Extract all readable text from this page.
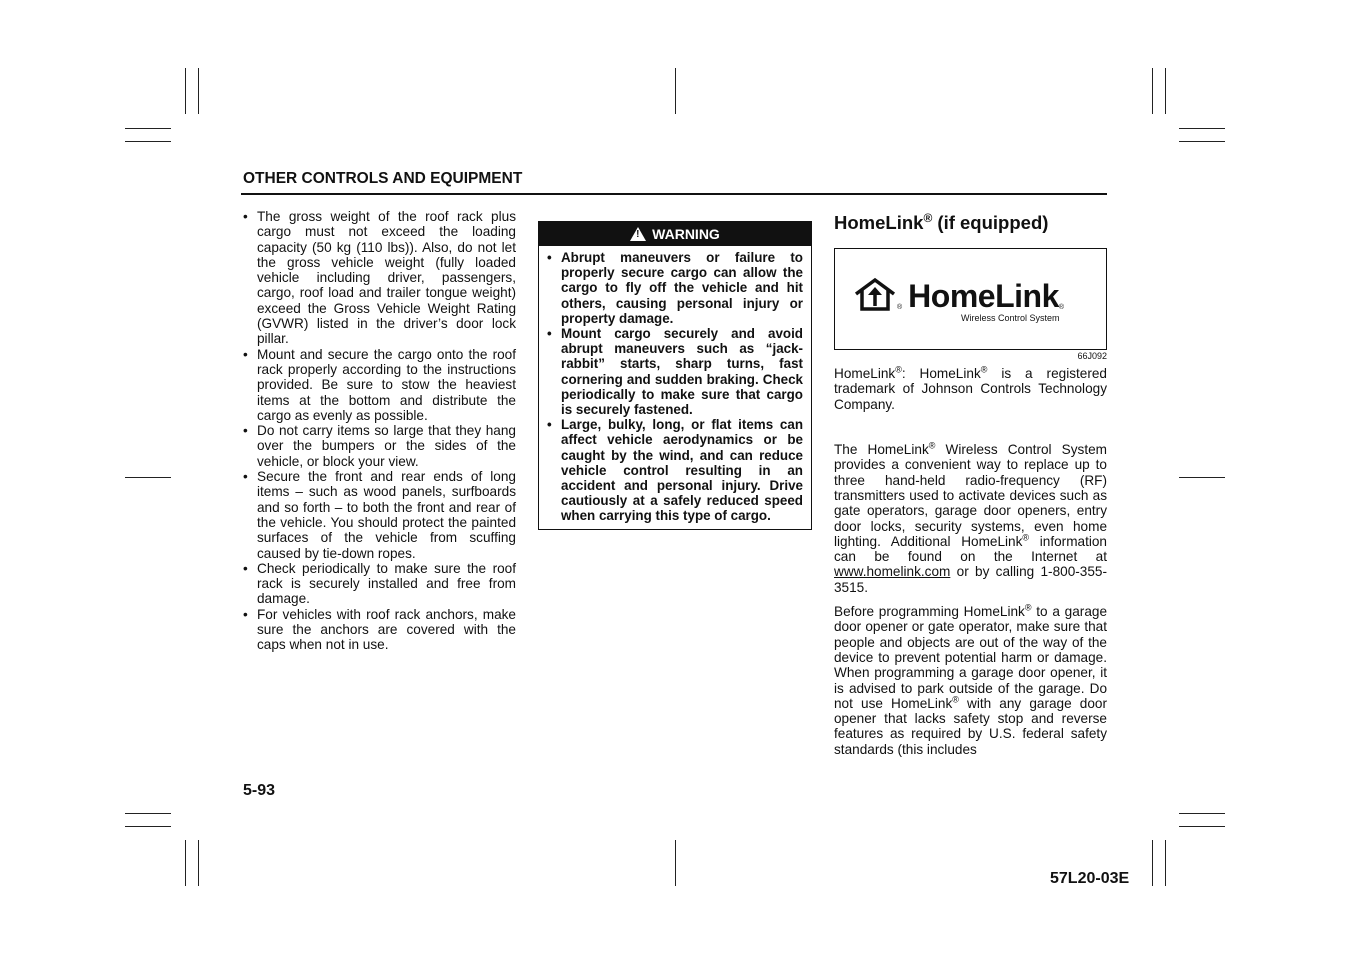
OTHER CONTROLS AND EQUIPMENT
• The gross weight of the roof rack plus cargo must not exceed the loading capacity (50 kg (110 lbs)). Also, do not let the gross vehicle weight (fully loaded vehicle including driver, passengers, cargo, roof load and trailer tongue weight) exceed the Gross Vehicle Weight Rating (GVWR) listed in the driver’s door lock pillar.
• Mount and secure the cargo onto the roof rack properly according to the instructions provided. Be sure to stow the heaviest items at the bottom and distribute the cargo as evenly as possible.
• Do not carry items so large that they hang over the bumpers or the sides of the vehicle, or block your view.
• Secure the front and rear ends of long items – such as wood panels, surfboards and so forth – to both the front and rear of the vehicle. You should protect the painted surfaces of the vehicle from scuffing caused by tie-down ropes.
• Check periodically to make sure the roof rack is securely installed and free from damage.
• For vehicles with roof rack anchors, make sure the anchors are covered with the caps when not in use.
! WARNING
• Abrupt maneuvers or failure to properly secure cargo can allow the cargo to fly off the vehicle and hit others, causing personal injury or property damage.
• Mount cargo securely and avoid abrupt maneuvers such as “jack-rabbit” starts, sharp turns, fast cornering and sudden braking. Check periodically to make sure that cargo is securely fastened.
• Large, bulky, long, or flat items can affect vehicle aerodynamics or be caught by the wind, and can reduce vehicle control resulting in an accident and personal injury. Drive cautiously at a safely reduced speed when carrying this type of cargo.
HomeLink® (if equipped)
® HomeLink ®
Wireless Control System
66J092

HomeLink®: HomeLink® is a registered trademark of Johnson Controls Technology Company.

The HomeLink® Wireless Control System provides a convenient way to replace up to three hand-held radio-frequency (RF) transmitters used to activate devices such as gate operators, garage door openers, entry door locks, security systems, even home lighting. Additional HomeLink® information can be found on the Internet at www.homelink.com or by calling 1-800-355-3515.

Before programming HomeLink® to a garage door opener or gate operator, make sure that people and objects are out of the way of the device to prevent potential harm or damage. When programming a garage door opener, it is advised to park outside of the garage. Do not use HomeLink® with any garage door opener that lacks safety stop and reverse features as required by U.S. federal safety standards (this includes

5-93
57L20-03E
